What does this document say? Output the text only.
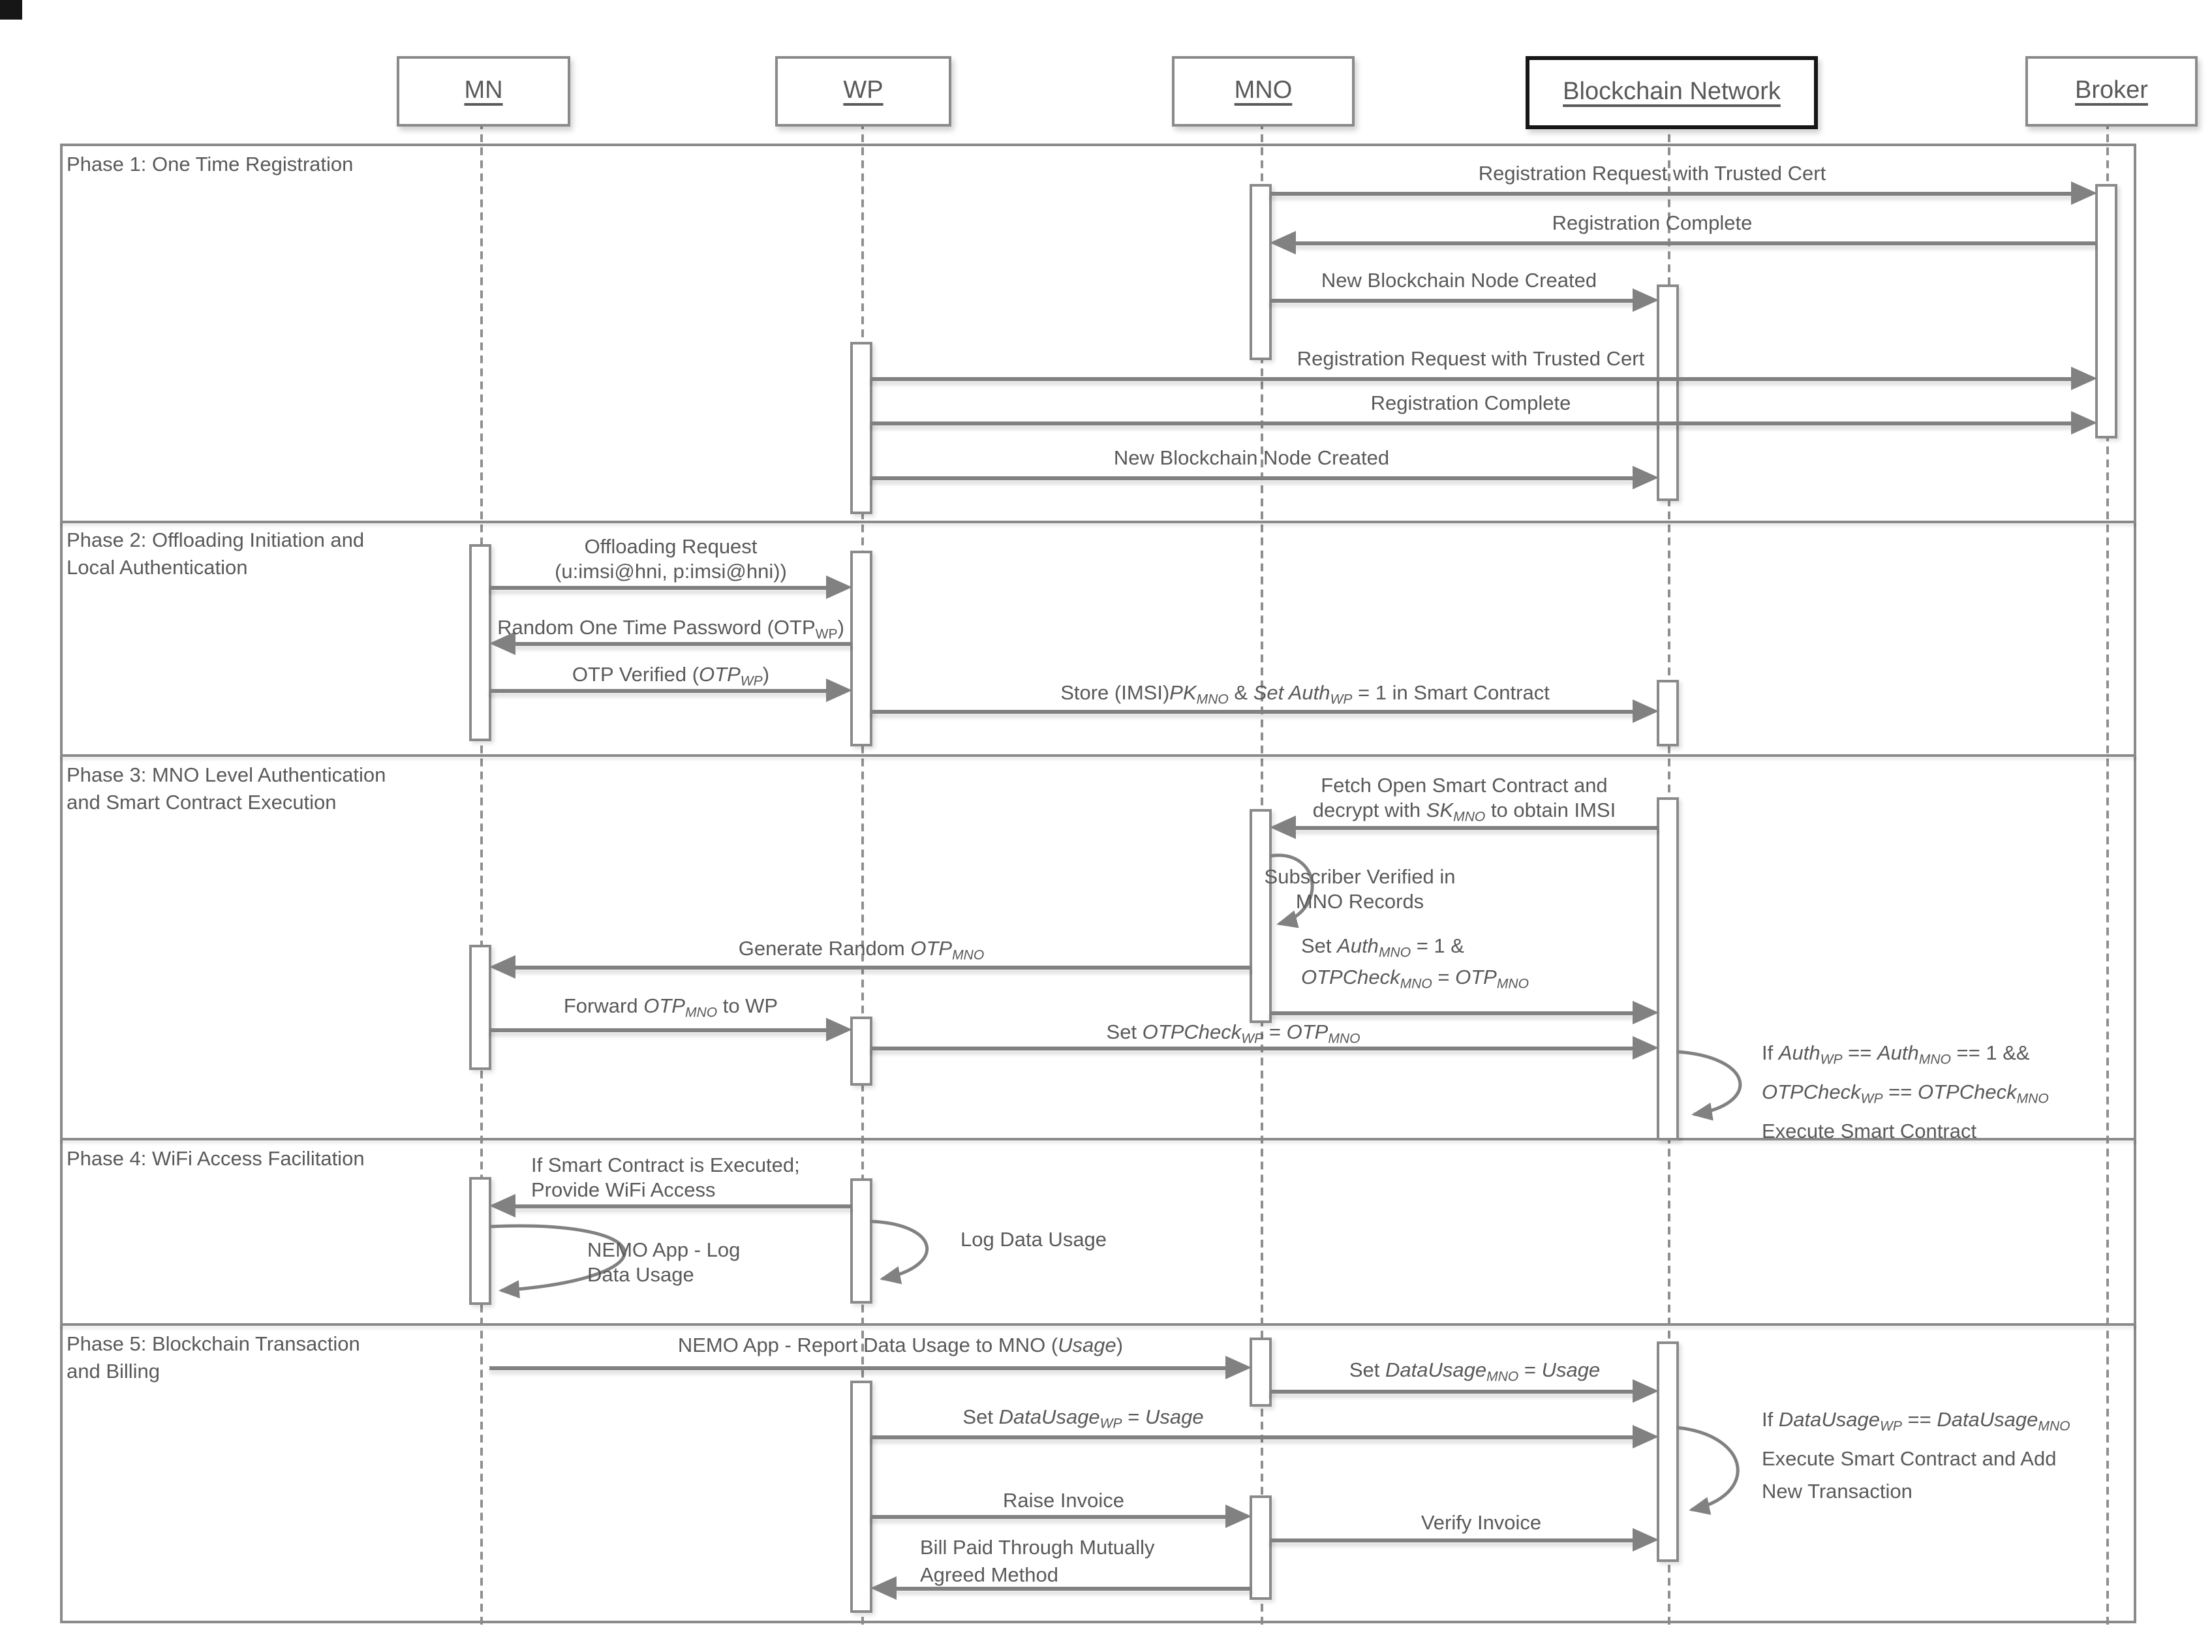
MN	WP	MNO	Blockchain Network	Broker
Phase 1: One Time Registration
Phase 2: Offloading Initiation and
Local Authentication
Phase 3: MNO Level Authentication
and Smart Contract Execution
Phase 4: WiFi Access Facilitation
Phase 5: Blockchain Transaction
and Billing
Registration Request with Trusted Cert
Registration Complete
New Blockchain Node Created
Registration Request with Trusted Cert
Registration Complete
New Blockchain Node Created
Offloading Request
(u:imsi@hni, p:imsi@hni))
Random One Time Password $(OTP_{WP})$
OTP Verified $(OTP_{WP})$
Store $(IMSI)PK_{MNO}$ & Set Auth$_{WP}$ = 1 in Smart Contract
Fetch Open Smart Contract and
decrypt with $SK_{MNO}$ to obtain IMSI
Subscriber Verified in
MNO Records
Generate Random $OTP_{MNO}$	Set Auth$_{MNO}$ = 1 &
OTPCheck$_{MNO}$ = $OTP_{MNO}$
Forward $OTP_{MNO}$ to WP
Set OTPCheck$_{WP}$ = $OTP_{MNO}$
If Auth$_{WP}$ == Auth$_{MNO}$ == 1 &&
OTPCheck$_{WP}$ == OTPCheck$_{MNO}$
Execute Smart Contract
If Smart Contract is Executed;
Provide WiFi Access
NEMO App - Log
Data Usage
Log Data Usage
NEMO App - Report Data Usage to MNO (Usage)
Set DataUsage$_{MNO}$ = Usage
Set DataUsage$_{WP}$ = Usage	If DataUsage$_{WP}$ == DataUsage$_{MNO}$
Execute Smart Contract and Add
New Transaction
Raise Invoice
Verify Invoice
Bill Paid Through Mutually
Agreed Method
